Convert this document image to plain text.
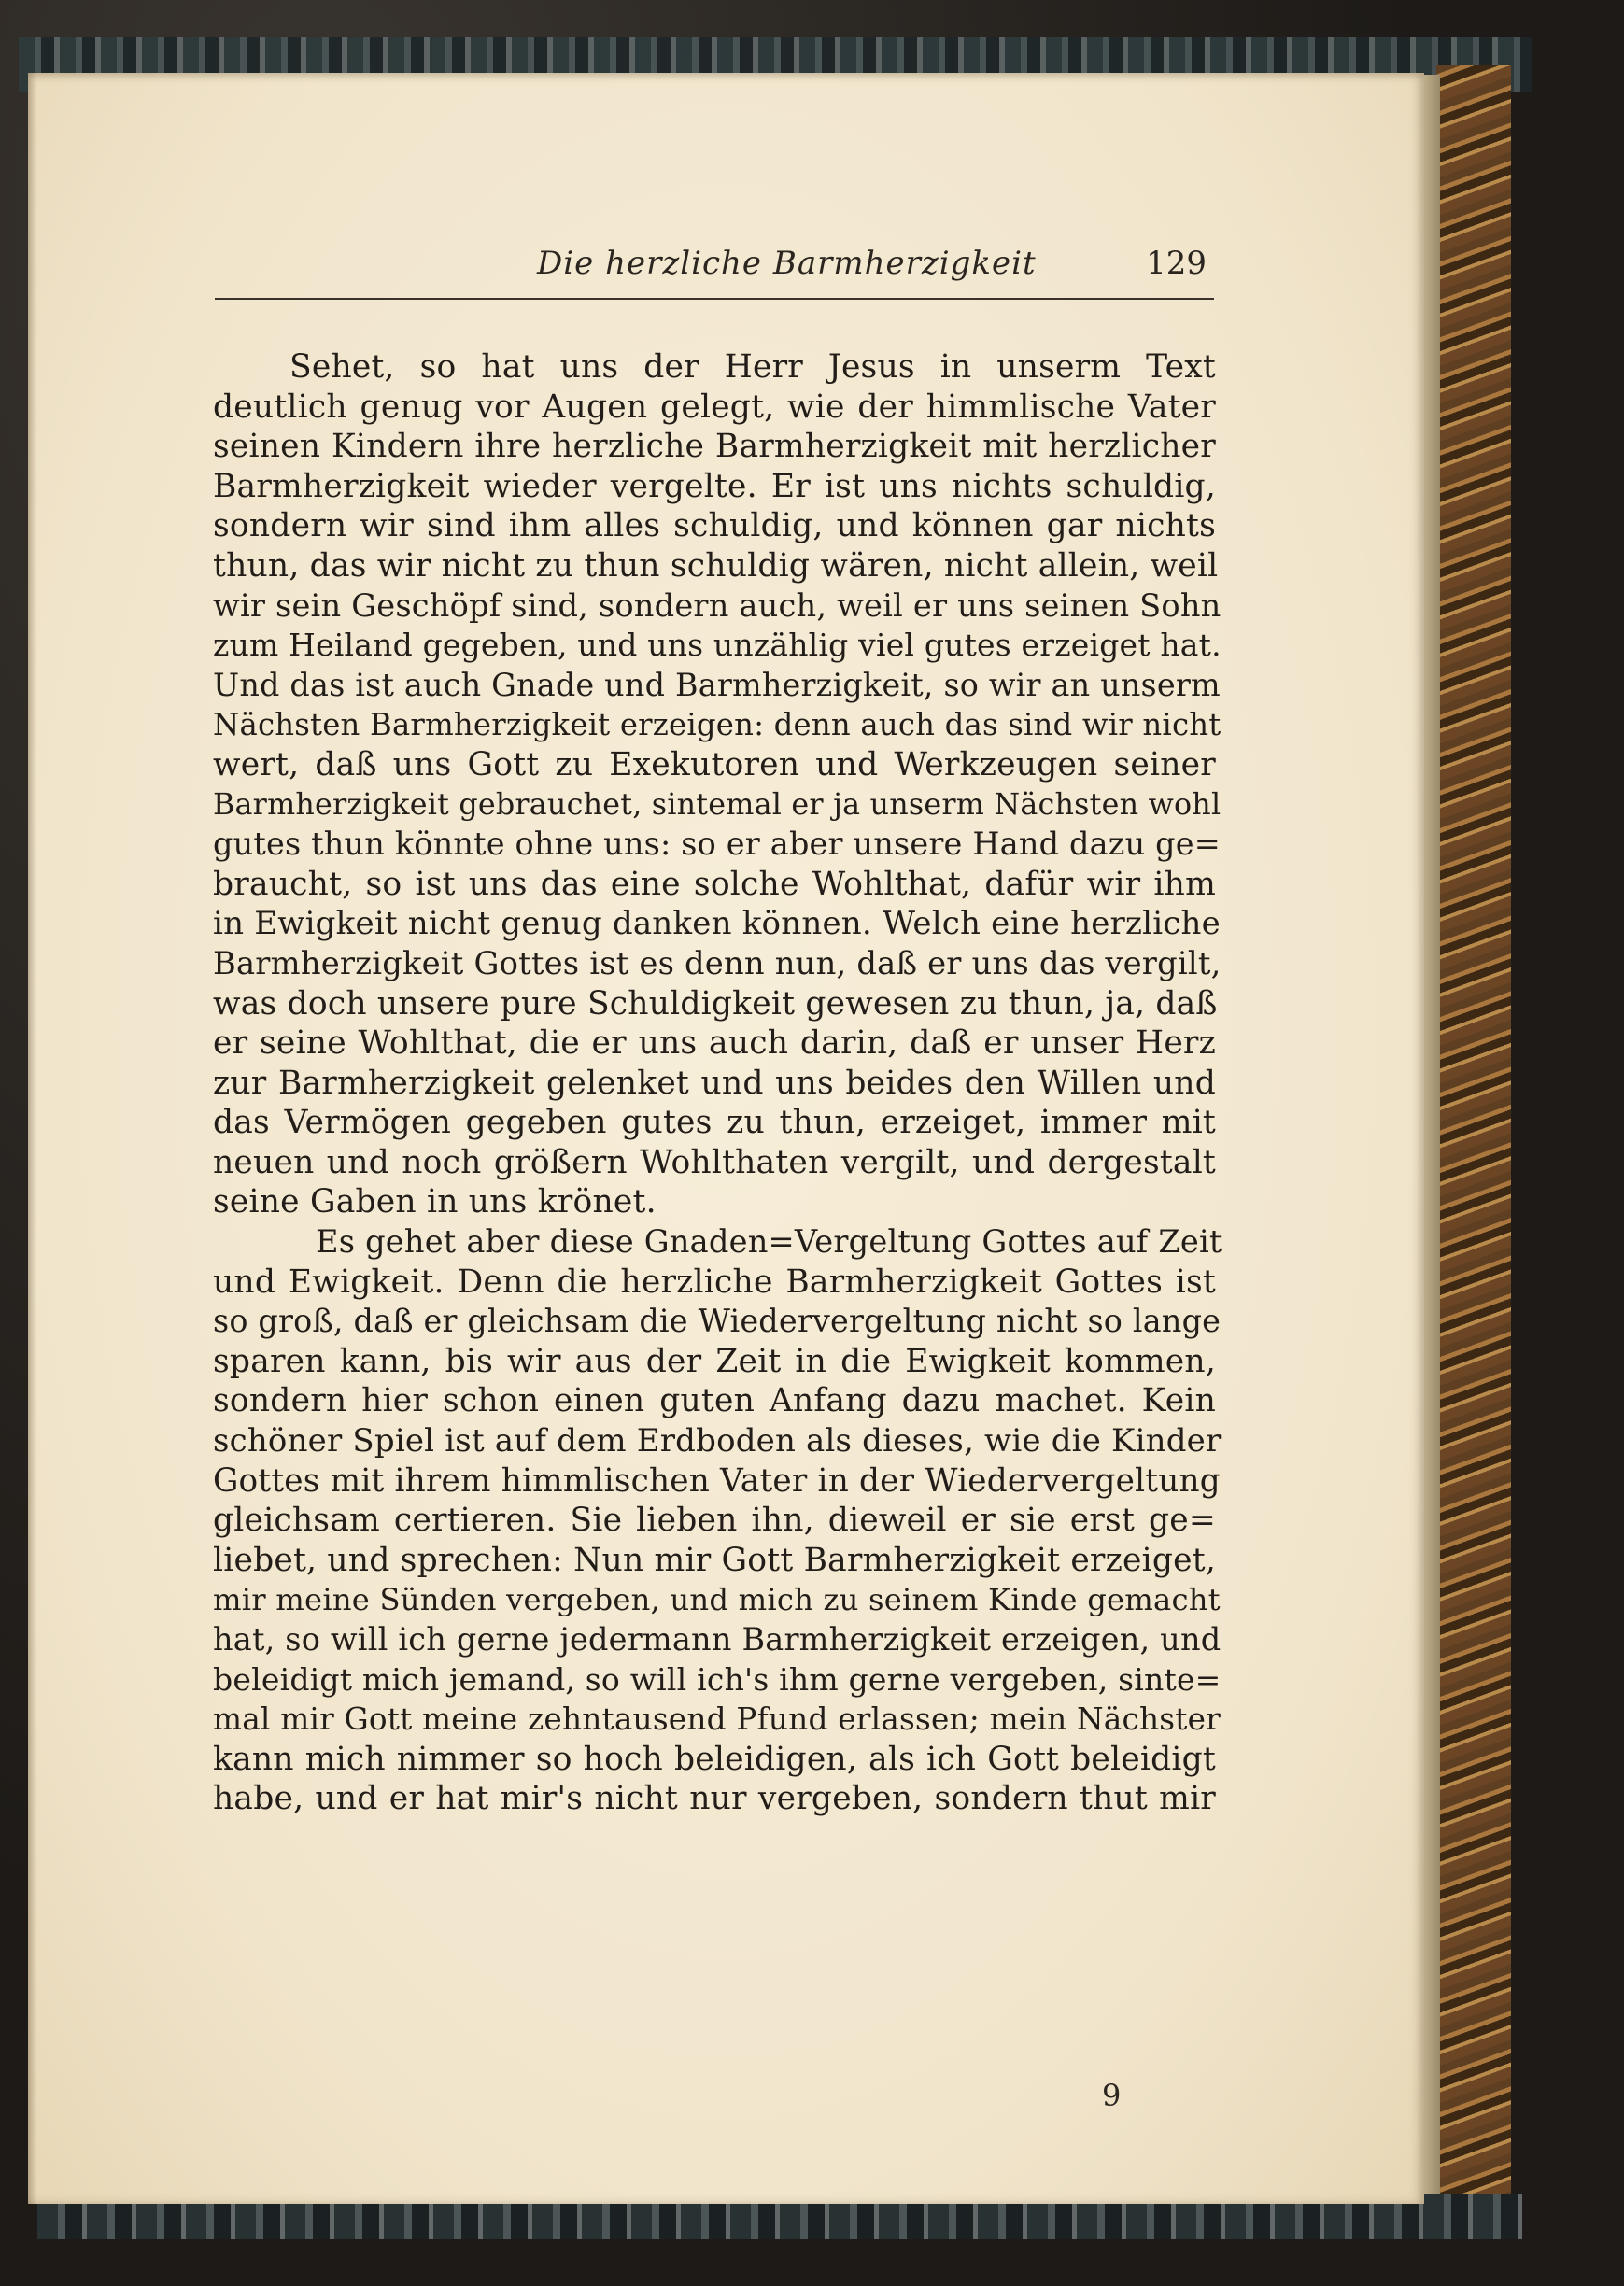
Die herzliche Barmherzigkeit	129
Sehet, so hat uns der Herr Jesus in unserm Text
deutlich genug vor Augen gelegt, wie der himmlische Vater
seinen Kindern ihre herzliche Barmherzigkeit mit herzlicher
Barmherzigkeit wieder vergelte. Er ist uns nichts schuldig,
sondern wir sind ihm alles schuldig, und können gar nichts
thun, das wir nicht zu thun schuldig wären, nicht allein, weil
wir sein Geschöpf sind, sondern auch, weil er uns seinen Sohn
zum Heiland gegeben, und uns unzählig viel gutes erzeiget hat.
Und das ist auch Gnade und Barmherzigkeit, so wir an unserm
Nächsten Barmherzigkeit erzeigen: denn auch das sind wir nicht
wert, daß uns Gott zu Exekutoren und Werkzeugen seiner
Barmherzigkeit gebrauchet, sintemal er ja unserm Nächsten wohl
gutes thun könnte ohne uns: so er aber unsere Hand dazu ge=
braucht, so ist uns das eine solche Wohlthat, dafür wir ihm
in Ewigkeit nicht genug danken können. Welch eine herzliche
Barmherzigkeit Gottes ist es denn nun, daß er uns das vergilt,
was doch unsere pure Schuldigkeit gewesen zu thun, ja, daß
er seine Wohlthat, die er uns auch darin, daß er unser Herz
zur Barmherzigkeit gelenket und uns beides den Willen und
das Vermögen gegeben gutes zu thun, erzeiget, immer mit
neuen und noch größern Wohlthaten vergilt, und dergestalt
seine Gaben in uns krönet.
Es gehet aber diese Gnaden=Vergeltung Gottes auf Zeit
und Ewigkeit. Denn die herzliche Barmherzigkeit Gottes ist
so groß, daß er gleichsam die Wiedervergeltung nicht so lange
sparen kann, bis wir aus der Zeit in die Ewigkeit kommen,
sondern hier schon einen guten Anfang dazu machet. Kein
schöner Spiel ist auf dem Erdboden als dieses, wie die Kinder
Gottes mit ihrem himmlischen Vater in der Wiedervergeltung
gleichsam certieren. Sie lieben ihn, dieweil er sie erst ge=
liebet, und sprechen: Nun mir Gott Barmherzigkeit erzeiget,
mir meine Sünden vergeben, und mich zu seinem Kinde gemacht
hat, so will ich gerne jedermann Barmherzigkeit erzeigen, und
beleidigt mich jemand, so will ich's ihm gerne vergeben, sinte=
mal mir Gott meine zehntausend Pfund erlassen; mein Nächster
kann mich nimmer so hoch beleidigen, als ich Gott beleidigt
habe, und er hat mir's nicht nur vergeben, sondern thut mir
9
